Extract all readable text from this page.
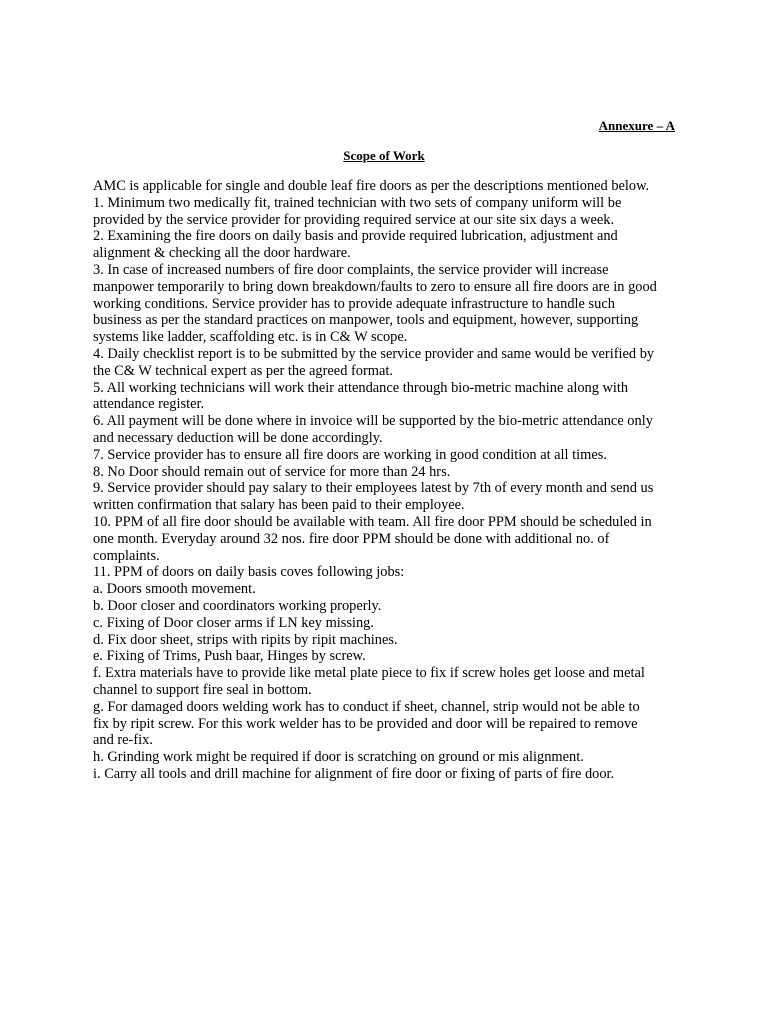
Annexure – A
Scope of Work

AMC is applicable for single and double leaf fire doors as per the descriptions mentioned below.

1. Minimum two medically fit, trained technician with two sets of company uniform will be provided by the service provider for providing required service at our site six days a week.

2. Examining the fire doors on daily basis and provide required lubrication, adjustment and alignment & checking all the door hardware.

3. In case of increased numbers of fire door complaints, the service provider will increase manpower temporarily to bring down breakdown/faults to zero to ensure all fire doors are in good working conditions. Service provider has to provide adequate infrastructure to handle such business as per the standard practices on manpower, tools and equipment, however, supporting systems like ladder, scaffolding etc. is in C& W scope.

4. Daily checklist report is to be submitted by the service provider and same would be verified by the C& W technical expert as per the agreed format.

5. All working technicians will work their attendance through bio-metric machine along with attendance register.

6. All payment will be done where in invoice will be supported by the bio-metric attendance only and necessary deduction will be done accordingly.

7. Service provider has to ensure all fire doors are working in good condition at all times.

8. No Door should remain out of service for more than 24 hrs.

9. Service provider should pay salary to their employees latest by 7th of every month and send us written confirmation that salary has been paid to their employee.

10. PPM of all fire door should be available with team. All fire door PPM should be scheduled in one month. Everyday around 32 nos. fire door PPM should be done with additional no. of complaints.

11. PPM of doors on daily basis coves following jobs:

a. Doors smooth movement.

b. Door closer and coordinators working properly.

c. Fixing of Door closer arms if LN key missing.

d. Fix door sheet, strips with ripits by ripit machines.

e. Fixing of Trims, Push baar, Hinges by screw.

f. Extra materials have to provide like metal plate piece to fix if screw holes get loose and metal channel to support fire seal in bottom.

g. For damaged doors welding work has to conduct if sheet, channel, strip would not be able to fix by ripit screw. For this work welder has to be provided and door will be repaired to remove and re-fix.

h. Grinding work might be required if door is scratching on ground or mis alignment.

i. Carry all tools and drill machine for alignment of fire door or fixing of parts of fire door.
